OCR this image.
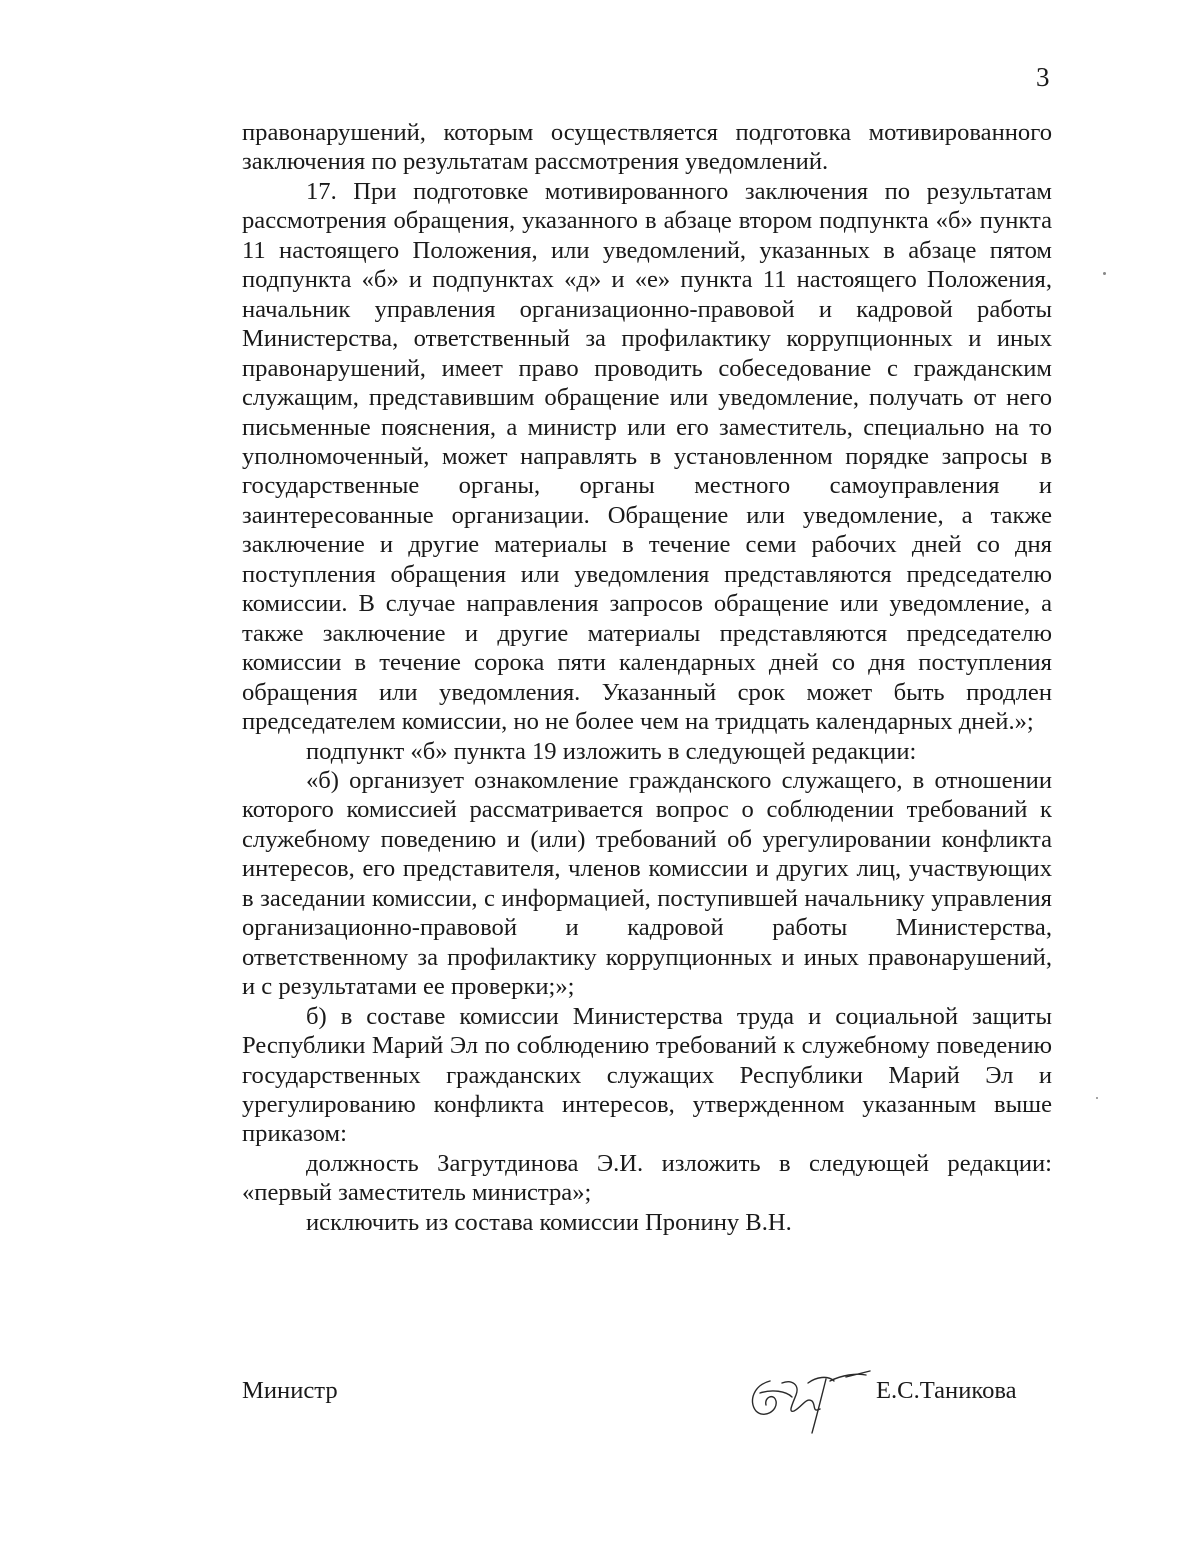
3

правонарушений, которым осуществляется подготовка мотивированного заключения по результатам рассмотрения уведомлений.

17. При подготовке мотивированного заключения по результатам рассмотрения обращения, указанного в абзаце втором подпункта «б» пункта 11 настоящего Положения, или уведомлений, указанных в абзаце пятом подпункта «б» и подпунктах «д» и «е» пункта 11 настоящего Положения, начальник управления организационно-правовой и кадровой работы Министерства, ответственный за профилактику коррупционных и иных правонарушений, имеет право проводить собеседование с гражданским служащим, представившим обращение или уведомление, получать от него письменные пояснения, а министр или его заместитель, специально на то уполномоченный, может направлять в установленном порядке запросы в государственные органы, органы местного самоуправления и заинтересованные организации. Обращение или уведомление, а также заключение и другие материалы в течение семи рабочих дней со дня поступления обращения или уведомления представляются председателю комиссии. В случае направления запросов обращение или уведомление, а также заключение и другие материалы представляются председателю комиссии в течение сорока пяти календарных дней со дня поступления обращения или уведомления. Указанный срок может быть продлен председателем комиссии, но не более чем на тридцать календарных дней.»;

подпункт «б» пункта 19 изложить в следующей редакции:

«б) организует ознакомление гражданского служащего, в отношении которого комиссией рассматривается вопрос о соблюдении требований к служебному поведению и (или) требований об урегулировании конфликта интересов, его представителя, членов комиссии и других лиц, участвующих в заседании комиссии, с информацией, поступившей начальнику управления организационно-правовой и кадровой работы Министерства, ответственному за профилактику коррупционных и иных правонарушений, и с результатами ее проверки;»;

б) в составе комиссии Министерства труда и социальной защиты Республики Марий Эл по соблюдению требований к служебному поведению государственных гражданских служащих Республики Марий Эл и урегулированию конфликта интересов, утвержденном указанным выше приказом:

должность Загрутдинова Э.И. изложить в следующей редакции: «первый заместитель министра»;

исключить из состава комиссии Пронину В.Н.

Министр	Е.С.Таникова
